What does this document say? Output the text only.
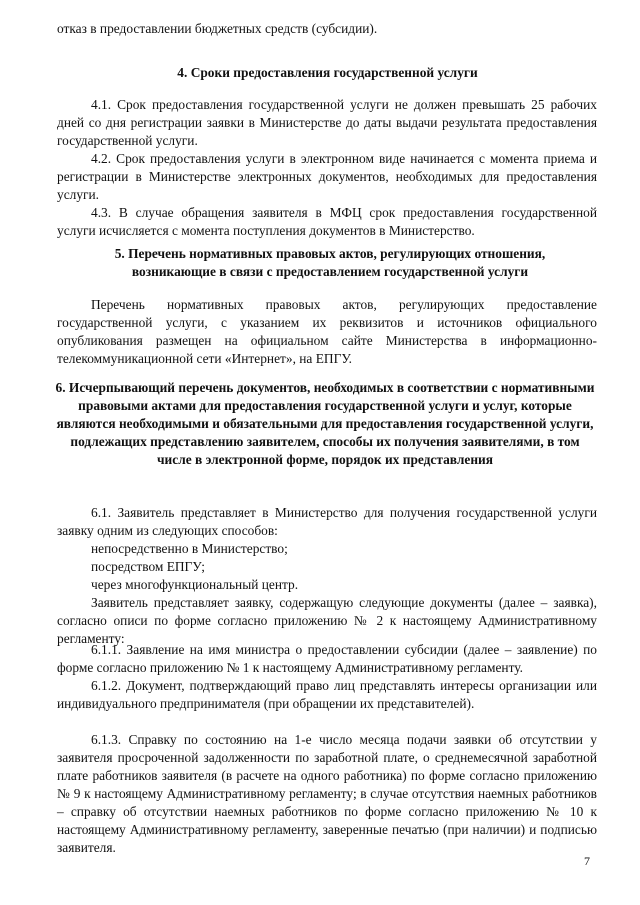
отказ в предоставлении бюджетных средств (субсидии).
4. Сроки предоставления государственной услуги
4.1. Срок предоставления государственной услуги не должен превышать 25 рабочих дней со дня регистрации заявки в Министерстве до даты выдачи результата предоставления государственной услуги.
4.2. Срок предоставления услуги в электронном виде начинается с момента приема и регистрации в Министерстве электронных документов, необходимых для предоставления услуги.
4.3. В случае обращения заявителя в МФЦ срок предоставления государственной услуги исчисляется с момента поступления документов в Министерство.
5. Перечень нормативных правовых актов, регулирующих отношения, возникающие в связи с предоставлением государственной услуги
Перечень нормативных правовых актов, регулирующих предоставление государственной услуги, с указанием их реквизитов и источников официального опубликования размещен на официальном сайте Министерства в информационно-телекоммуникационной сети «Интернет», на ЕПГУ.
6. Исчерпывающий перечень документов, необходимых в соответствии с нормативными правовыми актами для предоставления государственной услуги и услуг, которые являются необходимыми и обязательными для предоставления государственной услуги, подлежащих представлению заявителем, способы их получения заявителями, в том числе в электронной форме, порядок их представления
6.1. Заявитель представляет в Министерство для получения государственной услуги заявку одним из следующих способов:
непосредственно в Министерство;
посредством ЕПГУ;
через многофункциональный центр.
Заявитель представляет заявку, содержащую следующие документы (далее – заявка), согласно описи по форме согласно приложению № 2 к настоящему Административному регламенту:
6.1.1. Заявление на имя министра о предоставлении субсидии (далее – заявление) по форме согласно приложению № 1 к настоящему Административному регламенту.
6.1.2. Документ, подтверждающий право лиц представлять интересы организации или индивидуального предпринимателя (при обращении их представителей).
6.1.3. Справку по состоянию на 1-е число месяца подачи заявки об отсутствии у заявителя просроченной задолженности по заработной плате, о среднемесячной заработной плате работников заявителя (в расчете на одного работника) по форме согласно приложению № 9 к настоящему Административному регламенту; в случае отсутствия наемных работников – справку об отсутствии наемных работников по форме согласно приложению № 10 к настоящему Административному регламенту, заверенные печатью (при наличии) и подписью заявителя.
7
